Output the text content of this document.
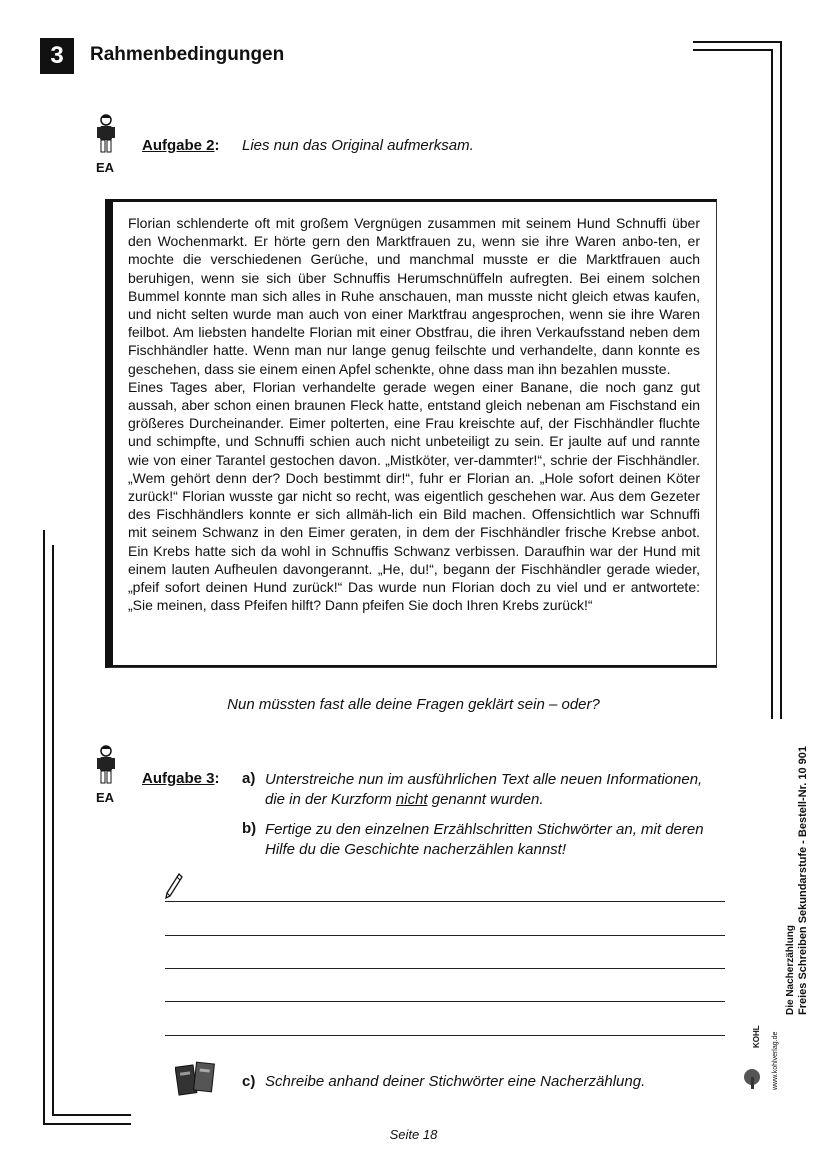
3	Rahmenbedingungen
EA
Aufgabe 2: Lies nun das Original aufmerksam.

Florian schlenderte oft mit großem Vergnügen zusammen mit seinem Hund Schnuffi über den Wochenmarkt. Er hörte gern den Marktfrauen zu, wenn sie ihre Waren anbo-ten, er mochte die verschiedenen Gerüche, und manchmal musste er die Marktfrauen auch beruhigen, wenn sie sich über Schnuffis Herumschnüffeln aufregten. Bei einem solchen Bummel konnte man sich alles in Ruhe anschauen, man musste nicht gleich etwas kaufen, und nicht selten wurde man auch von einer Marktfrau angesprochen, wenn sie ihre Waren feilbot. Am liebsten handelte Florian mit einer Obstfrau, die ihren Verkaufsstand neben dem Fischhändler hatte. Wenn man nur lange genug feilschte und verhandelte, dann konnte es geschehen, dass sie einem einen Apfel schenkte, ohne dass man ihn bezahlen musste.

Eines Tages aber, Florian verhandelte gerade wegen einer Banane, die noch ganz gut aussah, aber schon einen braunen Fleck hatte, entstand gleich nebenan am Fischstand ein größeres Durcheinander. Eimer polterten, eine Frau kreischte auf, der Fischhändler fluchte und schimpfte, und Schnuffi schien auch nicht unbeteiligt zu sein. Er jaulte auf und rannte wie von einer Tarantel gestochen davon. „Mistköter, ver-dammter!“, schrie der Fischhändler. „Wem gehört denn der? Doch bestimmt dir!“, fuhr er Florian an. „Hole sofort deinen Köter zurück!“ Florian wusste gar nicht so recht, was eigentlich geschehen war. Aus dem Gezeter des Fischhändlers konnte er sich allmäh-lich ein Bild machen. Offensichtlich war Schnuffi mit seinem Schwanz in den Eimer geraten, in dem der Fischhändler frische Krebse anbot. Ein Krebs hatte sich da wohl in Schnuffis Schwanz verbissen. Daraufhin war der Hund mit einem lauten Aufheulen davongerannt. „He, du!“, begann der Fischhändler gerade wieder, „pfeif sofort deinen Hund zurück!“ Das wurde nun Florian doch zu viel und er antwortete: „Sie meinen, dass Pfeifen hilft? Dann pfeifen Sie doch Ihren Krebs zurück!“

Nun müssten fast alle deine Fragen geklärt sein – oder?
EA
Aufgabe 3: a) Unterstreiche nun im ausführlichen Text alle neuen Informationen,
die in der Kurzform nicht genannt wurden.
b) Fertige zu den einzelnen Erzählschritten Stichwörter an, mit deren
Hilfe du die Geschichte nacherzählen kannst!
c) Schreibe anhand deiner Stichwörter eine Nacherzählung.
Die Nacherzählung Freies Schreiben Sekundarstufe - Bestell-Nr. 10 901
KOHL www.kohlverlag.de
Seite 18
